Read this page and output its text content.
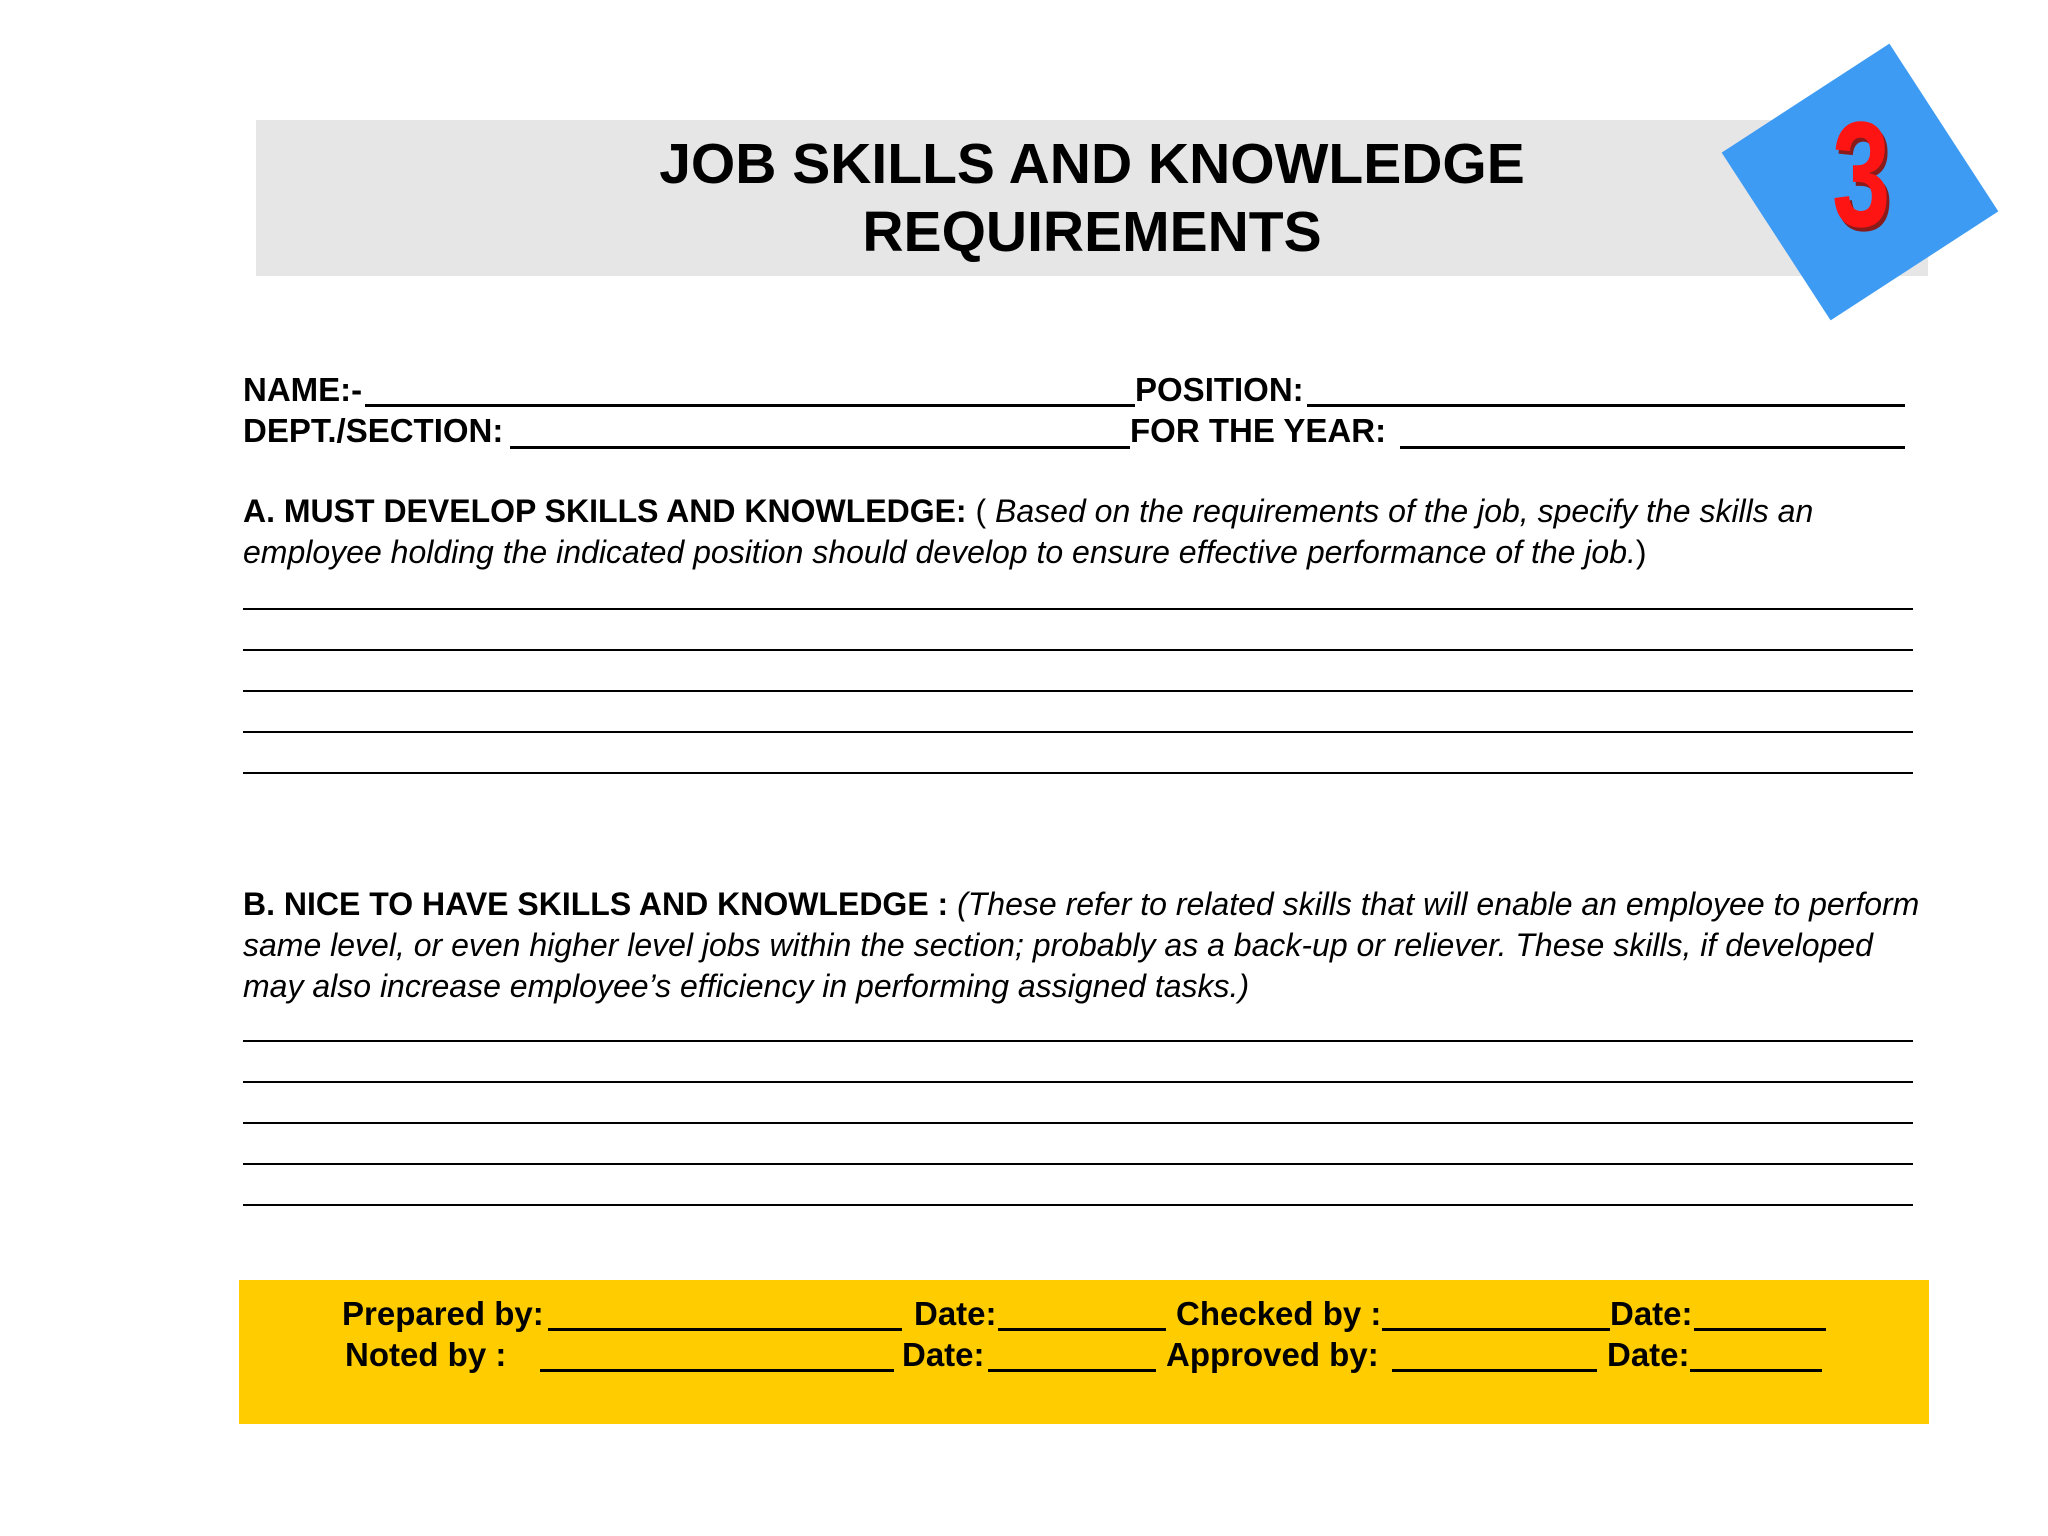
JOB SKILLS AND KNOWLEDGE
REQUIREMENTS	3
NAME:-	POSITION:
DEPT./SECTION:	FOR THE YEAR:
A. MUST DEVELOP SKILLS AND KNOWLEDGE: ( Based on the requirements of the job, specify the skills an employee holding the indicated position should develop to ensure effective performance of the job.)
B. NICE TO HAVE SKILLS AND KNOWLEDGE : (These refer to related skills that will enable an employee to perform same level, or even higher level jobs within the section; probably as a back-up or reliever. These skills, if developed may also increase employee’s efficiency in performing assigned tasks.)
Prepared by:	Date:	Checked by :	Date:
Noted by :	Date:	Approved by:	Date:
